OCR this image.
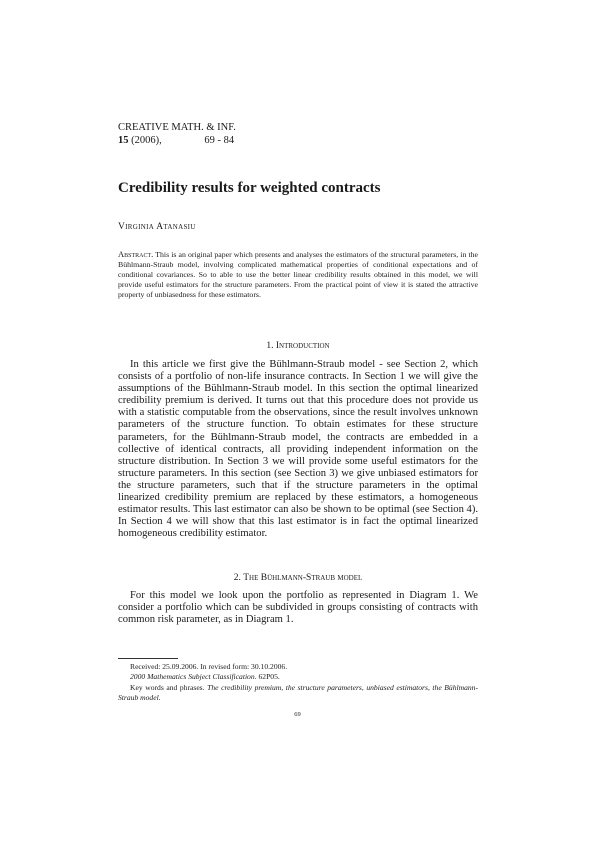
CREATIVE MATH. & INF.
15 (2006),	69 - 84
Credibility results for weighted contracts
Virginia Atanasiu
Abstract. This is an original paper which presents and analyses the estimators of the structural parameters, in the Bühlmann-Straub model, involving complicated mathematical properties of conditional expectations and of conditional covariances. So to able to use the better linear credibility results obtained in this model, we will provide useful estimators for the structure parameters. From the practical point of view it is stated the attractive property of unbiasedness for these estimators.
1. Introduction

In this article we first give the Bühlmann-Straub model - see Section 2, which consists of a portfolio of non-life insurance contracts. In Section 1 we will give the assumptions of the Bühlmann-Straub model. In this section the optimal linearized credibility premium is derived. It turns out that this procedure does not provide us with a statistic computable from the observations, since the result involves unknown parameters of the structure function. To obtain estimates for these structure parameters, for the Bühlmann-Straub model, the contracts are embedded in a collective of identical contracts, all providing independent information on the structure distribution. In Section 3 we will provide some useful estimators for the structure parameters. In this section (see Section 3) we give unbiased estimators for the structure parameters, such that if the structure parameters in the optimal linearized credibility premium are replaced by these estimators, a homogeneous estimator results. This last estimator can also be shown to be optimal (see Section 4). In Section 4 we will show that this last estimator is in fact the optimal linearized homogeneous credibility estimator.

2. The Bühlmann-Straub model

For this model we look upon the portfolio as represented in Diagram 1. We consider a portfolio which can be subdivided in groups consisting of contracts with common risk parameter, as in Diagram 1.

Received: 25.09.2006. In revised form: 30.10.2006.
2000 Mathematics Subject Classification. 62P05.
Key words and phrases. The credibility premium, the structure parameters, unbiased estimators, the Bühlmann-Straub model.
69
